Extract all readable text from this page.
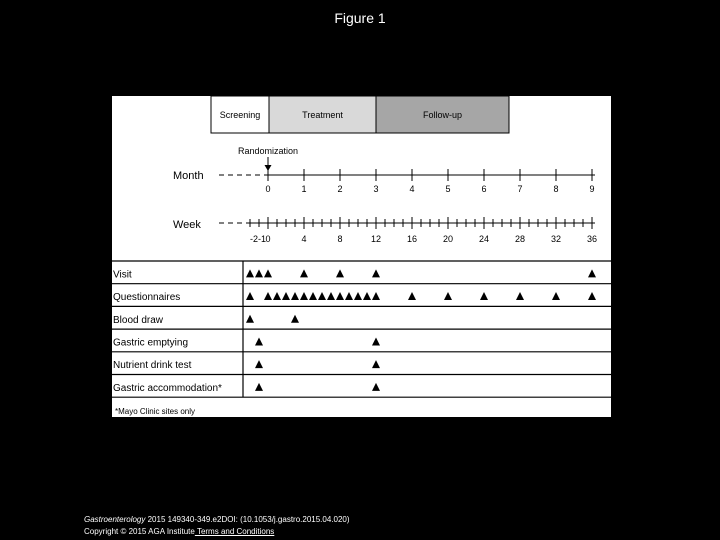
Figure 1
Screening	Treatment	Follow-up
Randomization
Month
0	1	2	3	4	5	6	7	8	9
Week
0	4	8	12	16	20	24	28	32	36
-2-1
Visit
Questionnaires
Blood draw
Gastric emptying
Nutrient drink test
Gastric accommodation*
*Mayo Clinic sites only
Gastroenterology 2015 149340-349.e2DOI: (10.1053/j.gastro.2015.04.020)
Copyright © 2015 AGA Institute Terms and Conditions
